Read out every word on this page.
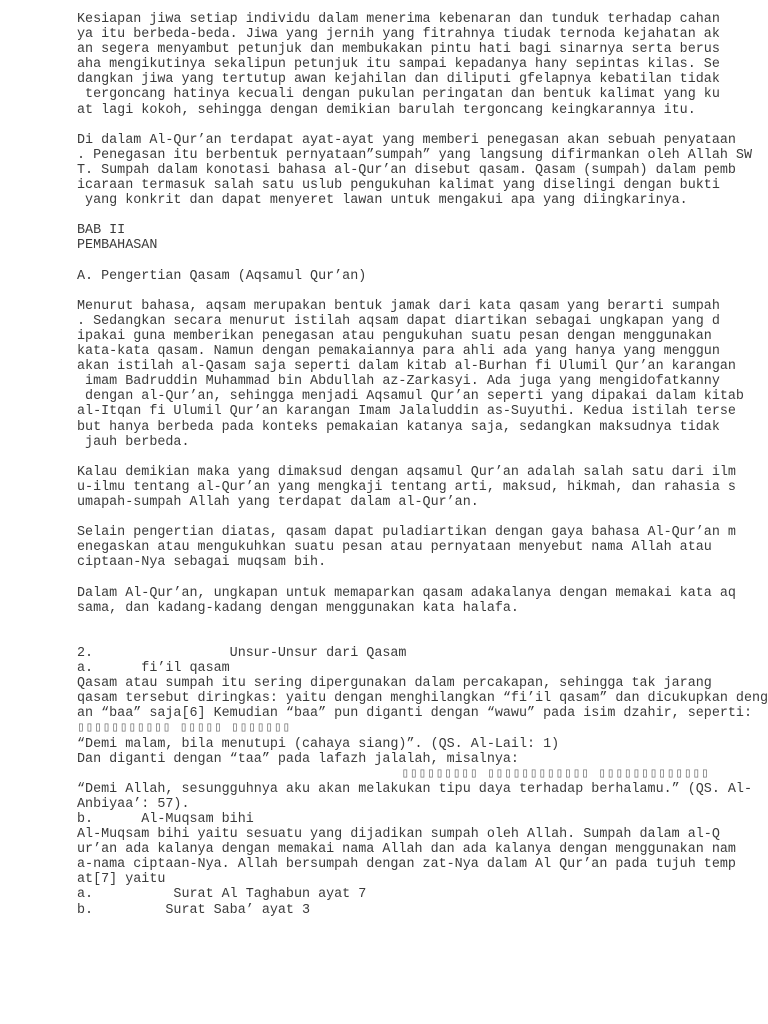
Kesiapan jiwa setiap individu dalam menerima kebenaran dan tunduk terhadap cahan
ya itu berbeda-beda. Jiwa yang jernih yang fitrahnya tiudak ternoda kejahatan ak
an segera menyambut petunjuk dan membukakan pintu hati bagi sinarnya serta berus
aha mengikutinya sekalipun petunjuk itu sampai kepadanya hany sepintas kilas. Se
dangkan jiwa yang tertutup awan kejahilan dan diliputi gfelapnya kebatilan tidak
tergoncang hatinya kecuali dengan pukulan peringatan dan bentuk kalimat yang ku
at lagi kokoh, sehingga dengan demikian barulah tergoncang keingkarannya itu.
Di dalam Al-Qur’an terdapat ayat-ayat yang memberi penegasan akan sebuah penyataan
. Penegasan itu berbentuk pernyataan”sumpah” yang langsung difirmankan oleh Allah SW
T. Sumpah dalam konotasi bahasa al-Qur’an disebut qasam. Qasam (sumpah) dalam pemb
icaraan termasuk salah satu uslub pengukuhan kalimat yang diselingi dengan bukti
yang konkrit dan dapat menyeret lawan untuk mengakui apa yang diingkarinya.
BAB II
PEMBAHASAN
A. Pengertian Qasam (Aqsamul Qur’an)
Menurut bahasa, aqsam merupakan bentuk jamak dari kata qasam yang berarti sumpah
. Sedangkan secara menurut istilah aqsam dapat diartikan sebagai ungkapan yang d
ipakai guna memberikan penegasan atau pengukuhan suatu pesan dengan menggunakan
kata-kata qasam. Namun dengan pemakaiannya para ahli ada yang hanya yang menggun
akan istilah al-Qasam saja seperti dalam kitab al-Burhan fi Ulumil Qur’an karangan
imam Badruddin Muhammad bin Abdullah az-Zarkasyi. Ada juga yang mengidofatkanny
dengan al-Qur’an, sehingga menjadi Aqsamul Qur’an seperti yang dipakai dalam kitab
al-Itqan fi Ulumil Qur’an karangan Imam Jalaluddin as-Suyuthi. Kedua istilah terse
but hanya berbeda pada konteks pemakaian katanya saja, sedangkan maksudnya tidak
jauh berbeda.
Kalau demikian maka yang dimaksud dengan aqsamul Qur’an adalah salah satu dari ilm
u-ilmu tentang al-Qur’an yang mengkaji tentang arti, maksud, hikmah, dan rahasia s
umapah-sumpah Allah yang terdapat dalam al-Qur’an.
Selain pengertian diatas, qasam dapat puladiartikan dengan gaya bahasa Al-Qur’an m
enegaskan atau mengukuhkan suatu pesan atau pernyataan menyebut nama Allah atau
ciptaan-Nya sebagai muqsam bih.
Dalam Al-Qur’an, ungkapan untuk memaparkan qasam adakalanya dengan memakai kata aq
sama, dan kadang-kadang dengan menggunakan kata halafa.
2.                 Unsur-Unsur dari Qasam
a.      fi’il qasam
Qasam atau sumpah itu sering dipergunakan dalam percakapan, sehingga tak jarang
qasam tersebut diringkas: yaitu dengan menghilangkan “fi’il qasam” dan dicukupkan deng
an “baa” saja[6] Kemudian “baa” pun diganti dengan “wawu” pada isim dzahir, seperti:
▯▯▯▯▯▯▯▯▯▯▯ ▯▯▯▯▯ ▯▯▯▯▯▯▯
“Demi malam, bila menutupi (cahaya siang)”. (QS. Al-Lail: 1)
Dan diganti dengan “taa” pada lafazh jalalah, misalnya:
▯▯▯▯▯▯▯▯▯ ▯▯▯▯▯▯▯▯▯▯▯▯ ▯▯▯▯▯▯▯▯▯▯▯▯▯
“Demi Allah, sesungguhnya aku akan melakukan tipu daya terhadap berhalamu.” (QS. Al-
Anbiyaa’: 57).
b.      Al-Muqsam bihi
Al-Muqsam bihi yaitu sesuatu yang dijadikan sumpah oleh Allah. Sumpah dalam al-Q
ur’an ada kalanya dengan memakai nama Allah dan ada kalanya dengan menggunakan nam
a-nama ciptaan-Nya. Allah bersumpah dengan zat-Nya dalam Al Qur’an pada tujuh temp
at[7] yaitu
a.          Surat Al Taghabun ayat 7
b.         Surat Saba’ ayat 3
